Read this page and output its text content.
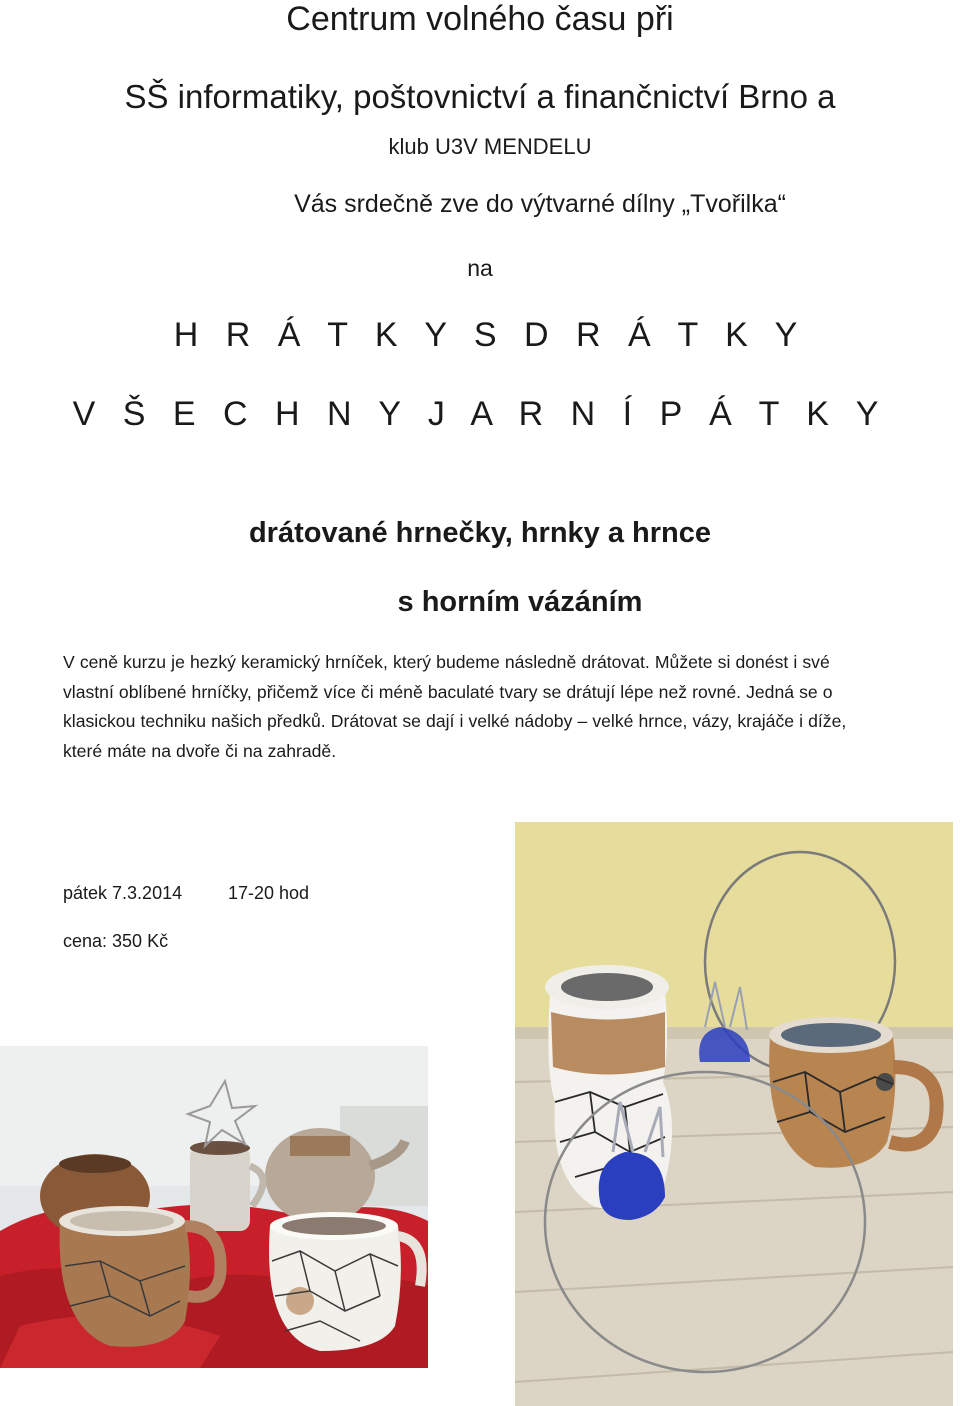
Centrum volného času při
SŠ informatiky, poštovnictví a finančnictví Brno a
klub U3V MENDELU
Vás srdečně zve do výtvarné dílny „Tvořilka“
na
H R Á T K Y S D R Á T K Y
V Š E C H N Y J A R N Í P Á T K Y
drátované hrnečky, hrnky a hrnce
s horním vázáním
V ceně kurzu je hezký keramický hrníček, který budeme následně drátovat. Můžete si donést i své
vlastní oblíbené hrníčky, přičemž více či méně baculaté tvary se drátují lépe než rovné. Jedná se o
klasickou techniku našich předků. Drátovat se dají i velké nádoby – velké hrnce, vázy, krajáče i díže,
které máte na dvoře či na zahradě.
pátek 7.3.2014	17-20 hod
cena: 350 Kč
